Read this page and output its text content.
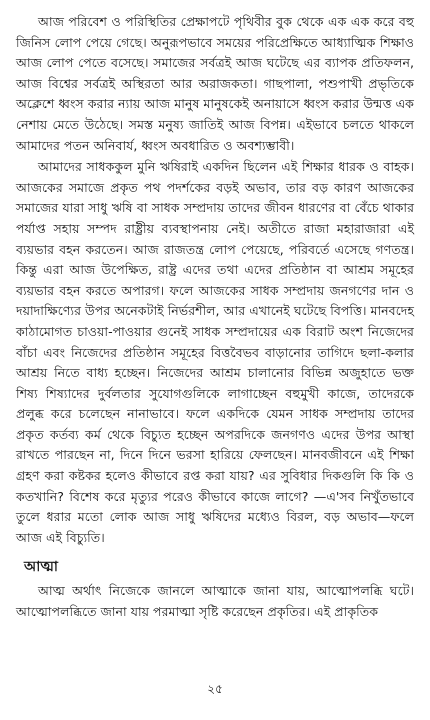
আজ পরিবেশ ও পরিস্থিতির প্রেক্ষাপটে পৃথিবীর বুক থেকে এক এক করে বহু জিনিস লোপ পেয়ে গেছে। অনুরূপভাবে সময়ের পরিপ্রেক্ষিতে আধ্যাত্মিক শিক্ষাও আজ লোপ পেতে বসেছে। সমাজের সর্বত্রই আজ ঘটেছে এর ব্যাপক প্রতিফলন, আজ বিশ্বের সর্বত্রই অস্থিরতা আর অরাজকতা। গাছপালা, পশুপাখী প্রভৃতিকে অক্লেশে ধ্বংস করার ন্যায় আজ মানুষ মানুষকেই অনায়াসে ধ্বংস করার উন্মত্ত এক নেশায় মেতে উঠেছে। সমস্ত মনুষ্য জাতিই আজ বিপন্ন। এইভাবে চলতে থাকলে আমাদের পতন অনিবার্য, ধ্বংস অবধারিত ও অবশ্যম্ভাবী।

আমাদের সাধককুল মুনি ঋষিরাই একদিন ছিলেন এই শিক্ষার ধারক ও বাহক। আজকের সমাজে প্রকৃত পথ পদর্শকের বড়ই অভাব, তার বড় কারণ আজকের সমাজের যারা সাধু ঋষি বা সাধক সম্প্রদায় তাদের জীবন ধারণের বা বেঁচে থাকার পর্যাপ্ত সহায় সম্পদ রাষ্ট্রীয় ব্যবস্থাপনায় নেই। অতীতে রাজা মহারাজারা এই ব্যয়ভার বহন করতেন। আজ রাজতন্ত্র লোপ পেয়েছে, পরিবর্তে এসেছে গণতন্ত্র। কিন্তু এরা আজ উপেক্ষিত, রাষ্ট্র এদের তথা এদের প্রতিষ্ঠান বা আশ্রম সমূহের ব্যয়ভার বহন করতে অপারগ। ফলে আজকের সাধক সম্প্রদায় জনগণের দান ও দয়াদাক্ষিণ্যের উপর অনেকটাই নির্ভরশীল, আর এখানেই ঘটেছে বিপত্তি। মানবদেহ কাঠামোগত চাওয়া-পাওয়ার গুনেই সাধক সম্প্রদায়ের এক বিরাট অংশ নিজেদের বাঁচা এবং নিজেদের প্রতিষ্ঠান সমূহের বিত্তবৈভব বাড়ানোর তাগিদে ছলা-কলার আশ্রয় নিতে বাধ্য হচ্ছেন। নিজেদের আশ্রম চালানোর বিভিন্ন অজুহাতে ভক্ত শিষ্য শিষ্যাদের দুর্বলতার সুযোগগুলিকে লাগাচ্ছেন বহুমুখী কাজে, তাদেরকে প্রলুব্ধ করে চলেছেন নানাভাবে। ফলে একদিকে যেমন সাধক সম্প্রদায় তাদের প্রকৃত কর্তব্য কর্ম থেকে বিচ্যুত হচ্ছেন অপরদিকে জনগণও এদের উপর আস্থা রাখতে পারছেন না, দিনে দিনে ভরসা হারিয়ে ফেলছেন। মানবজীবনে এই শিক্ষা গ্রহণ করা কষ্টকর হলেও কীভাবে রপ্ত করা যায়? এর সুবিধার দিকগুলি কি কি ও কতখানি? বিশেষ করে মৃত্যুর পরেও কীভাবে কাজে লাগে? —এ'সব নিখুঁতভাবে তুলে ধরার মতো লোক আজ সাধু ঋষিদের মধ্যেও বিরল, বড় অভাব—ফলে আজ এই বিচ্যুতি।

আত্মা

আত্ম অর্থাৎ নিজেকে জানলে আত্মাকে জানা যায়, আত্মোপলব্ধি ঘটে। আত্মোপলব্ধিতে জানা যায় পরমাত্মা সৃষ্টি করেছেন প্রকৃতির। এই প্রাকৃতিক

২৫
